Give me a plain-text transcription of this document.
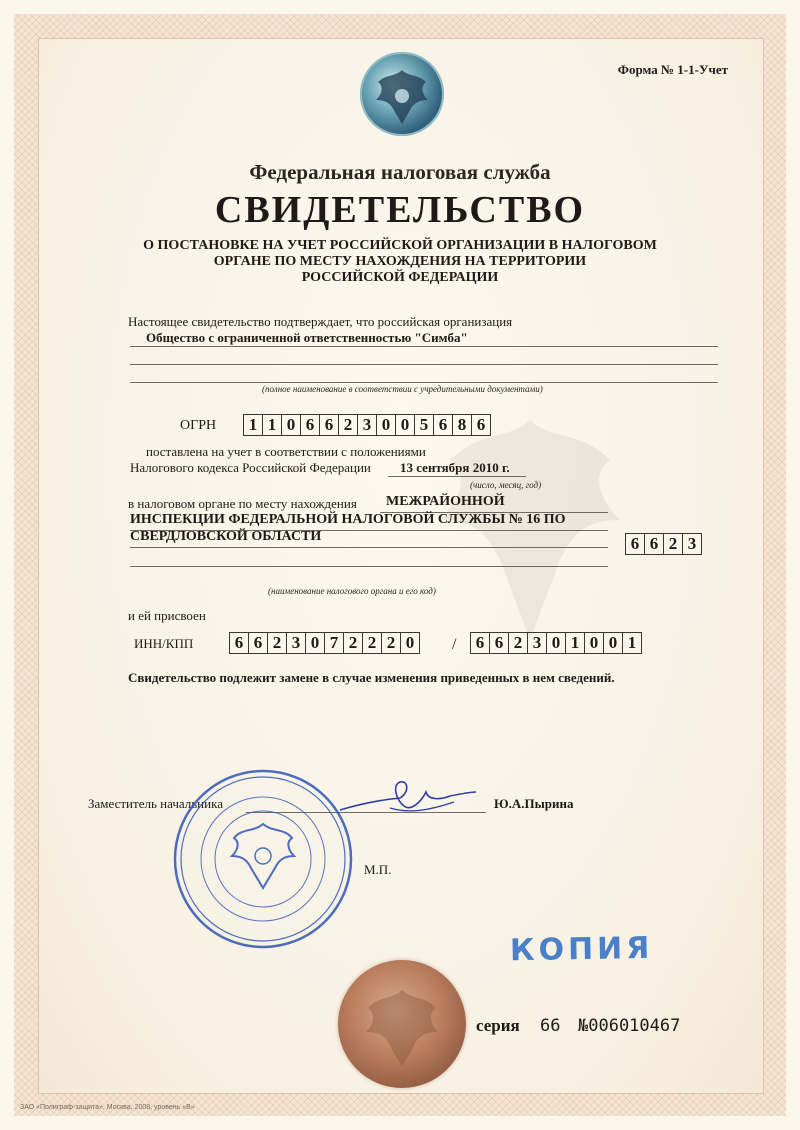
Форма № 1-1-Учет
Федеральная налоговая служба
СВИДЕТЕЛЬСТВО
О ПОСТАНОВКЕ НА УЧЕТ РОССИЙСКОЙ ОРГАНИЗАЦИИ В НАЛОГОВОМ
ОРГАНЕ ПО МЕСТУ НАХОЖДЕНИЯ НА ТЕРРИТОРИИ
РОССИЙСКОЙ ФЕДЕРАЦИИ
Настоящее свидетельство подтверждает, что российская организация
Общество с ограниченной ответственностью "Симба"
(полное наименование в соответствии с учредительными документами)
ОГРН	1 1 0 6 6 2 3 0 0 5 6 8 6
поставлена на учет в соответствии с положениями
Налогового кодекса Российской Федерации 13 сентября 2010 г.
(число, месяц, год)
в налоговом органе по месту нахождения МЕЖРАЙОННОЙ
ИНСПЕКЦИИ ФЕДЕРАЛЬНОЙ НАЛОГОВОЙ СЛУЖБЫ № 16 ПО
СВЕРДЛОВСКОЙ ОБЛАСТИ	6 6 2 3
(наименование налогового органа и его код)
и ей присвоен
ИНН/КПП	6 6 2 3 0 7 2 2 2 0	/	6 6 2 3 0 1 0 0 1
Свидетельство подлежит замене в случае изменения приведенных в нем сведений.
Заместитель начальника	Ю.А.Пырина
М.П.
КОПИЯ
серия 66 №006010467
ЗАО «Полиграф-защита», Москва, 2008, уровень «В»
